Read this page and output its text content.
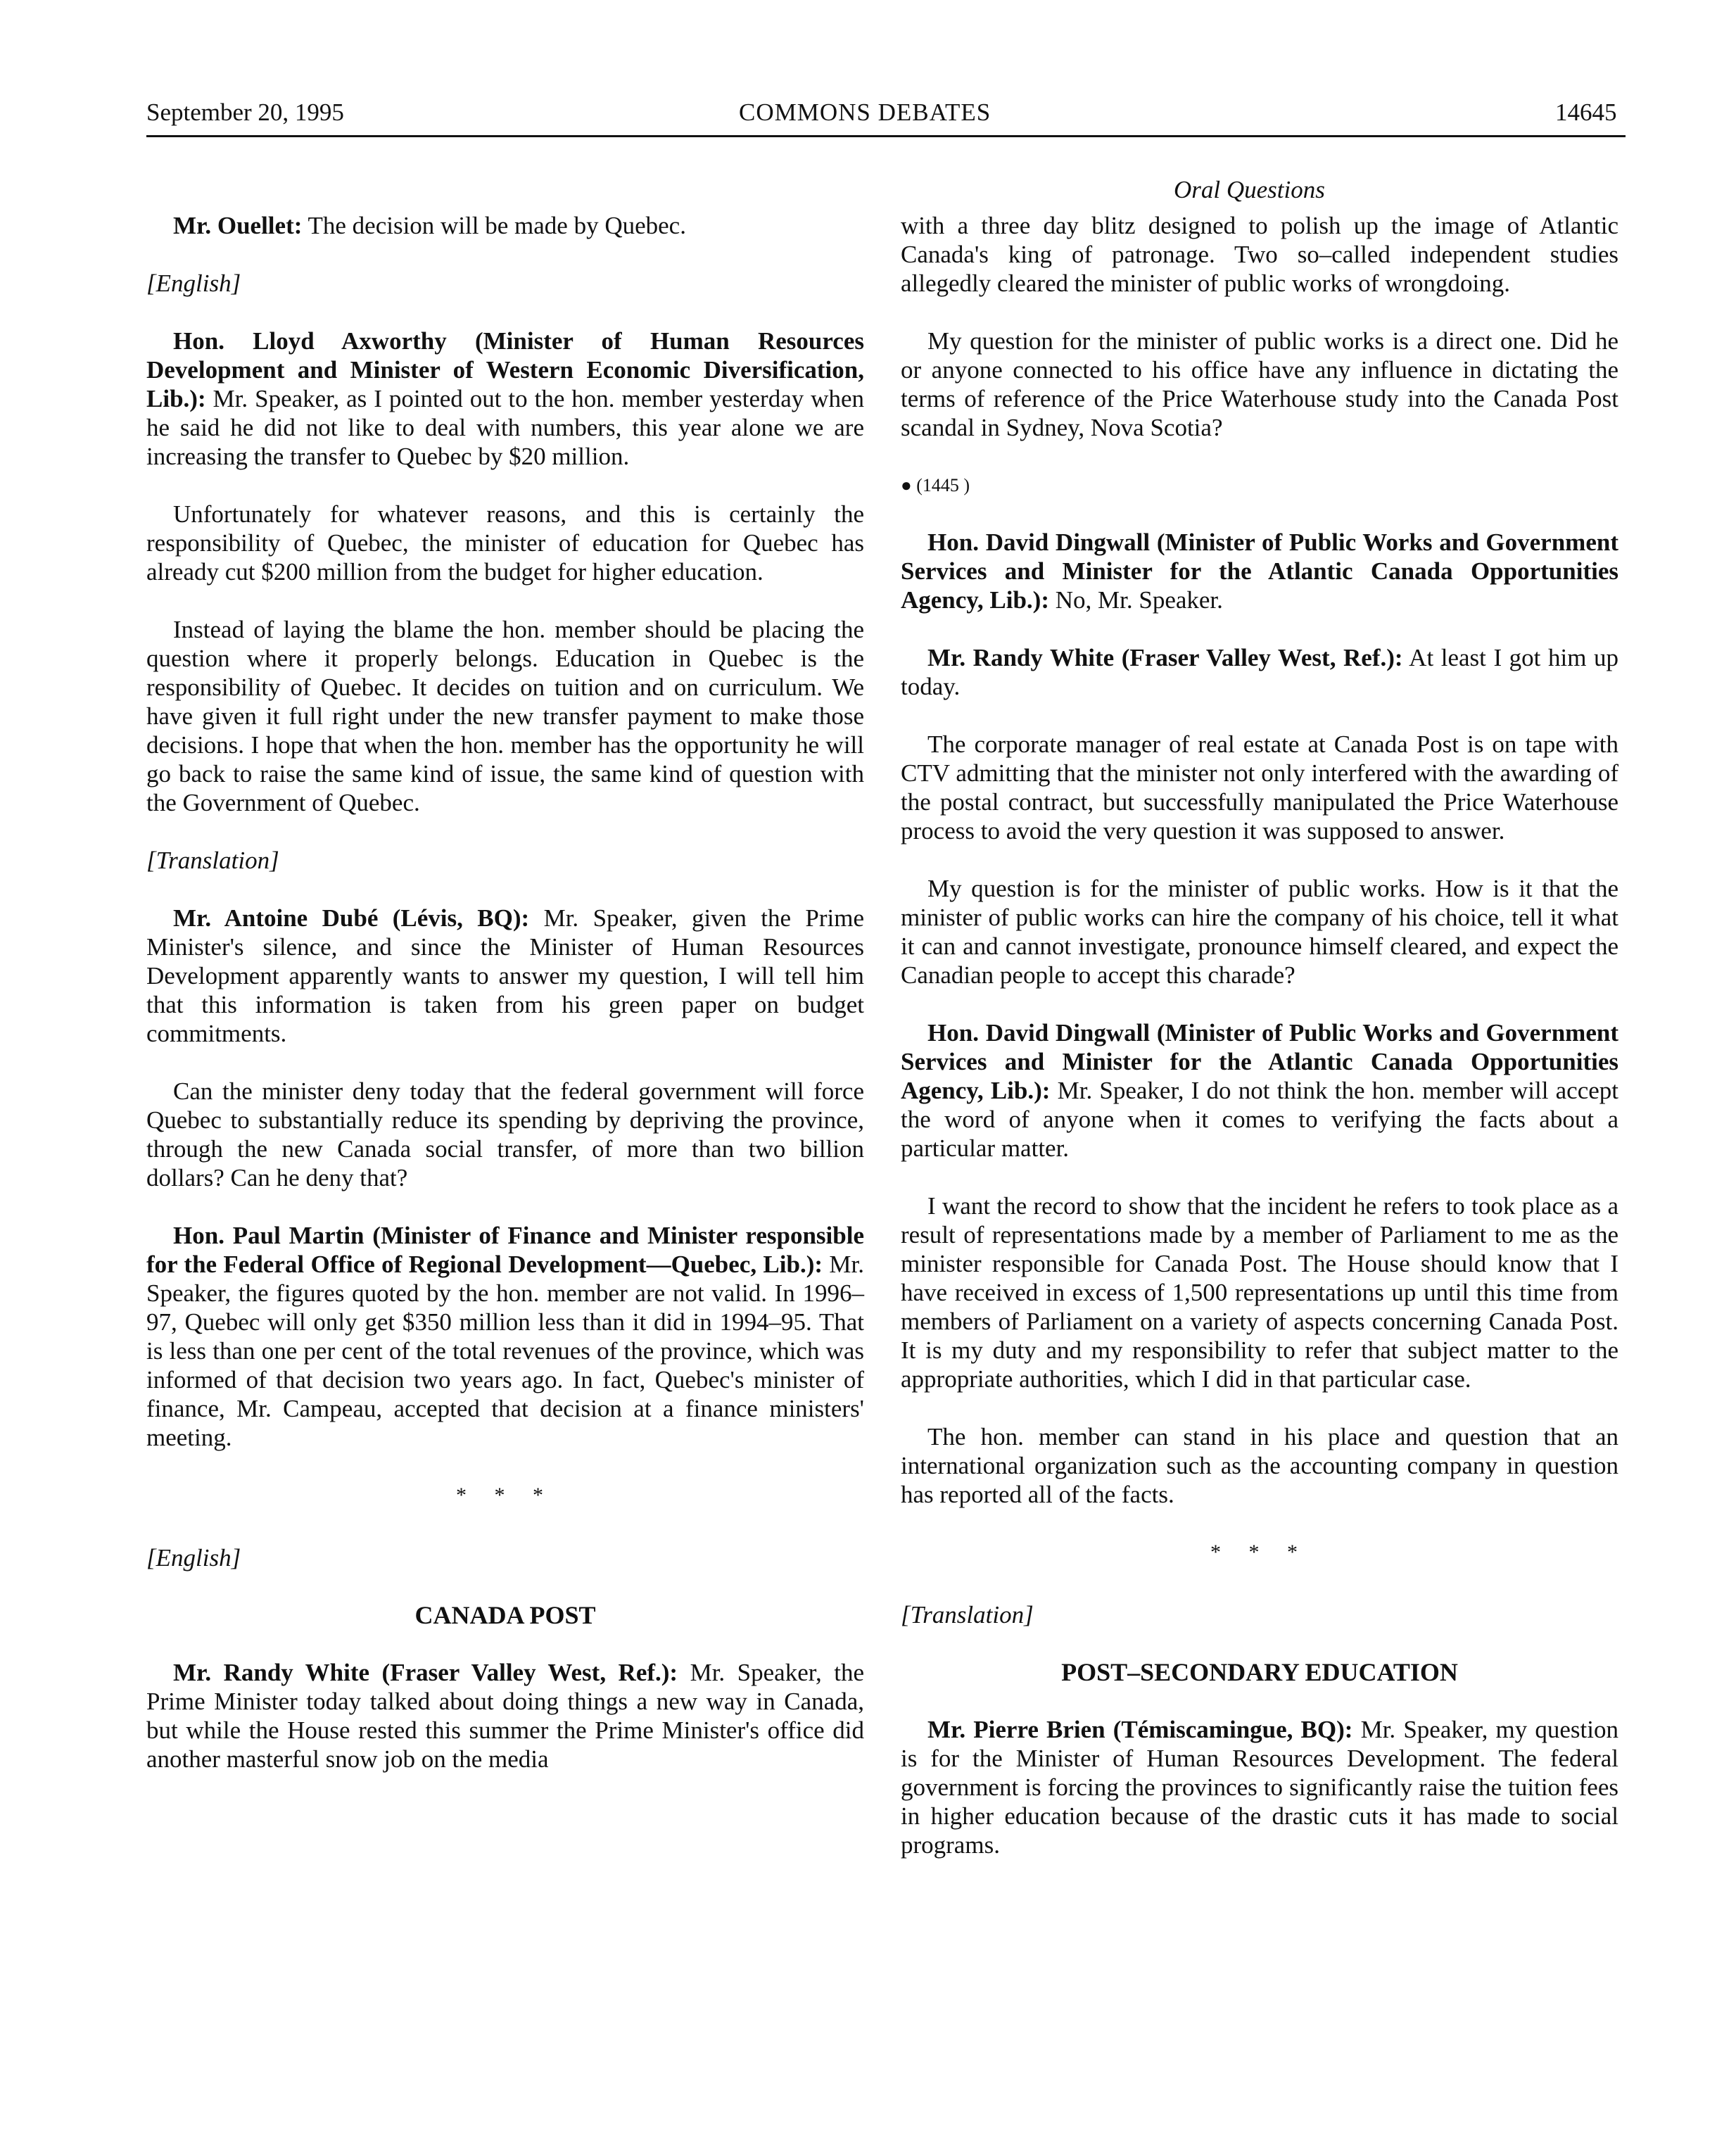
September 20, 1995	COMMONS DEBATES	14645
Oral Questions

Mr. Ouellet: The decision will be made by Quebec.

[English]

Hon. Lloyd Axworthy (Minister of Human Resources Development and Minister of Western Economic Diversification, Lib.): Mr. Speaker, as I pointed out to the hon. member yesterday when he said he did not like to deal with numbers, this year alone we are increasing the transfer to Quebec by $20 million.

Unfortunately for whatever reasons, and this is certainly the responsibility of Quebec, the minister of education for Quebec has already cut $200 million from the budget for higher education.

Instead of laying the blame the hon. member should be placing the question where it properly belongs. Education in Quebec is the responsibility of Quebec. It decides on tuition and on curriculum. We have given it full right under the new transfer payment to make those decisions. I hope that when the hon. member has the opportunity he will go back to raise the same kind of issue, the same kind of question with the Government of Quebec.

[Translation]

Mr. Antoine Dubé (Lévis, BQ): Mr. Speaker, given the Prime Minister's silence, and since the Minister of Human Resources Development apparently wants to answer my question, I will tell him that this information is taken from his green paper on budget commitments.

Can the minister deny today that the federal government will force Quebec to substantially reduce its spending by depriving the province, through the new Canada social transfer, of more than two billion dollars? Can he deny that?

Hon. Paul Martin (Minister of Finance and Minister responsible for the Federal Office of Regional Development—Quebec, Lib.): Mr. Speaker, the figures quoted by the hon. member are not valid. In 1996–97, Quebec will only get $350 million less than it did in 1994–95. That is less than one per cent of the total revenues of the province, which was informed of that decision two years ago. In fact, Quebec's minister of finance, Mr. Campeau, accepted that decision at a finance ministers' meeting.

* * *
[English]
CANADA POST

Mr. Randy White (Fraser Valley West, Ref.): Mr. Speaker, the Prime Minister today talked about doing things a new way in Canada, but while the House rested this summer the Prime Minister's office did another masterful snow job on the media

with a three day blitz designed to polish up the image of Atlantic Canada's king of patronage. Two so–called independent studies allegedly cleared the minister of public works of wrongdoing.

My question for the minister of public works is a direct one. Did he or anyone connected to his office have any influence in dictating the terms of reference of the Price Waterhouse study into the Canada Post scandal in Sydney, Nova Scotia?

● (1445 )

Hon. David Dingwall (Minister of Public Works and Government Services and Minister for the Atlantic Canada Opportunities Agency, Lib.): No, Mr. Speaker.

Mr. Randy White (Fraser Valley West, Ref.): At least I got him up today.

The corporate manager of real estate at Canada Post is on tape with CTV admitting that the minister not only interfered with the awarding of the postal contract, but successfully manipulated the Price Waterhouse process to avoid the very question it was supposed to answer.

My question is for the minister of public works. How is it that the minister of public works can hire the company of his choice, tell it what it can and cannot investigate, pronounce himself cleared, and expect the Canadian people to accept this charade?

Hon. David Dingwall (Minister of Public Works and Government Services and Minister for the Atlantic Canada Opportunities Agency, Lib.): Mr. Speaker, I do not think the hon. member will accept the word of anyone when it comes to verifying the facts about a particular matter.

I want the record to show that the incident he refers to took place as a result of representations made by a member of Parliament to me as the minister responsible for Canada Post. The House should know that I have received in excess of 1,500 representations up until this time from members of Parliament on a variety of aspects concerning Canada Post. It is my duty and my responsibility to refer that subject matter to the appropriate authorities, which I did in that particular case.

The hon. member can stand in his place and question that an international organization such as the accounting company in question has reported all of the facts.

* * *
[Translation]
POST–SECONDARY EDUCATION

Mr. Pierre Brien (Témiscamingue, BQ): Mr. Speaker, my question is for the Minister of Human Resources Development. The federal government is forcing the provinces to significantly raise the tuition fees in higher education because of the drastic cuts it has made to social programs.
